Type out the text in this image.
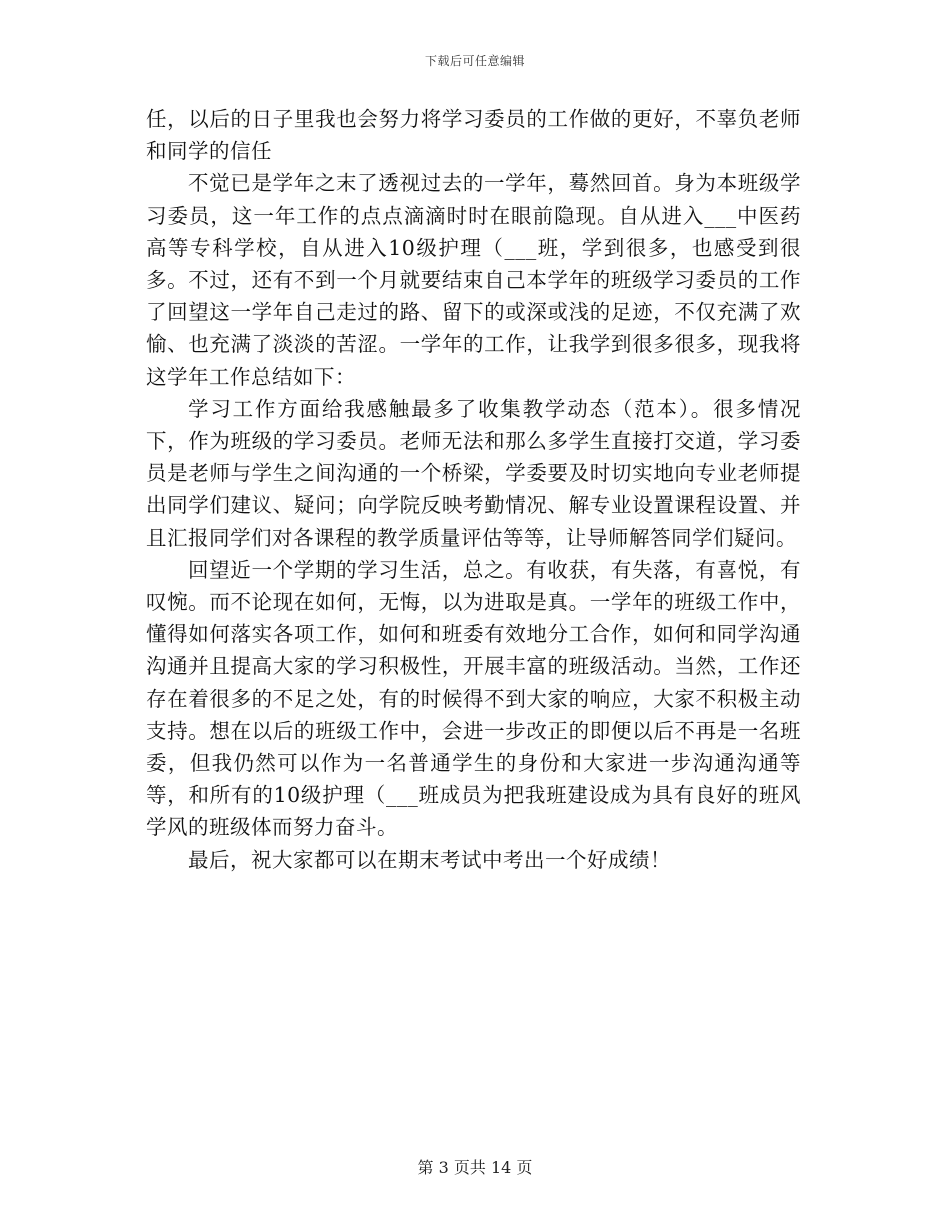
下载后可任意编辑

任，以后的日子里我也会努力将学习委员的工作做的更好，不辜负老师和同学的信任

不觉已是学年之末了透视过去的一学年，蓦然回首。身为本班级学习委员，这一年工作的点点滴滴时时在眼前隐现。自从进入___中医药高等专科学校，自从进入10级护理（___班，学到很多，也感受到很多。不过，还有不到一个月就要结束自己本学年的班级学习委员的工作了回望这一学年自己走过的路、留下的或深或浅的足迹，不仅充满了欢愉、也充满了淡淡的苦涩。一学年的工作，让我学到很多很多，现我将这学年工作总结如下：

学习工作方面给我感触最多了收集教学动态（范本）。很多情况下，作为班级的学习委员。老师无法和那么多学生直接打交道，学习委员是老师与学生之间沟通的一个桥梁，学委要及时切实地向专业老师提出同学们建议、疑问；向学院反映考勤情况、解专业设置课程设置、并且汇报同学们对各课程的教学质量评估等等，让导师解答同学们疑问。

回望近一个学期的学习生活，总之。有收获，有失落，有喜悦，有叹惋。而不论现在如何，无悔，以为进取是真。一学年的班级工作中，懂得如何落实各项工作，如何和班委有效地分工合作，如何和同学沟通沟通并且提高大家的学习积极性，开展丰富的班级活动。当然，工作还存在着很多的不足之处，有的时候得不到大家的响应，大家不积极主动支持。想在以后的班级工作中，会进一步改正的即便以后不再是一名班委，但我仍然可以作为一名普通学生的身份和大家进一步沟通沟通等等，和所有的10级护理（___班成员为把我班建设成为具有良好的班风学风的班级体而努力奋斗。

最后，祝大家都可以在期末考试中考出一个好成绩！

第 3 页共 14 页
